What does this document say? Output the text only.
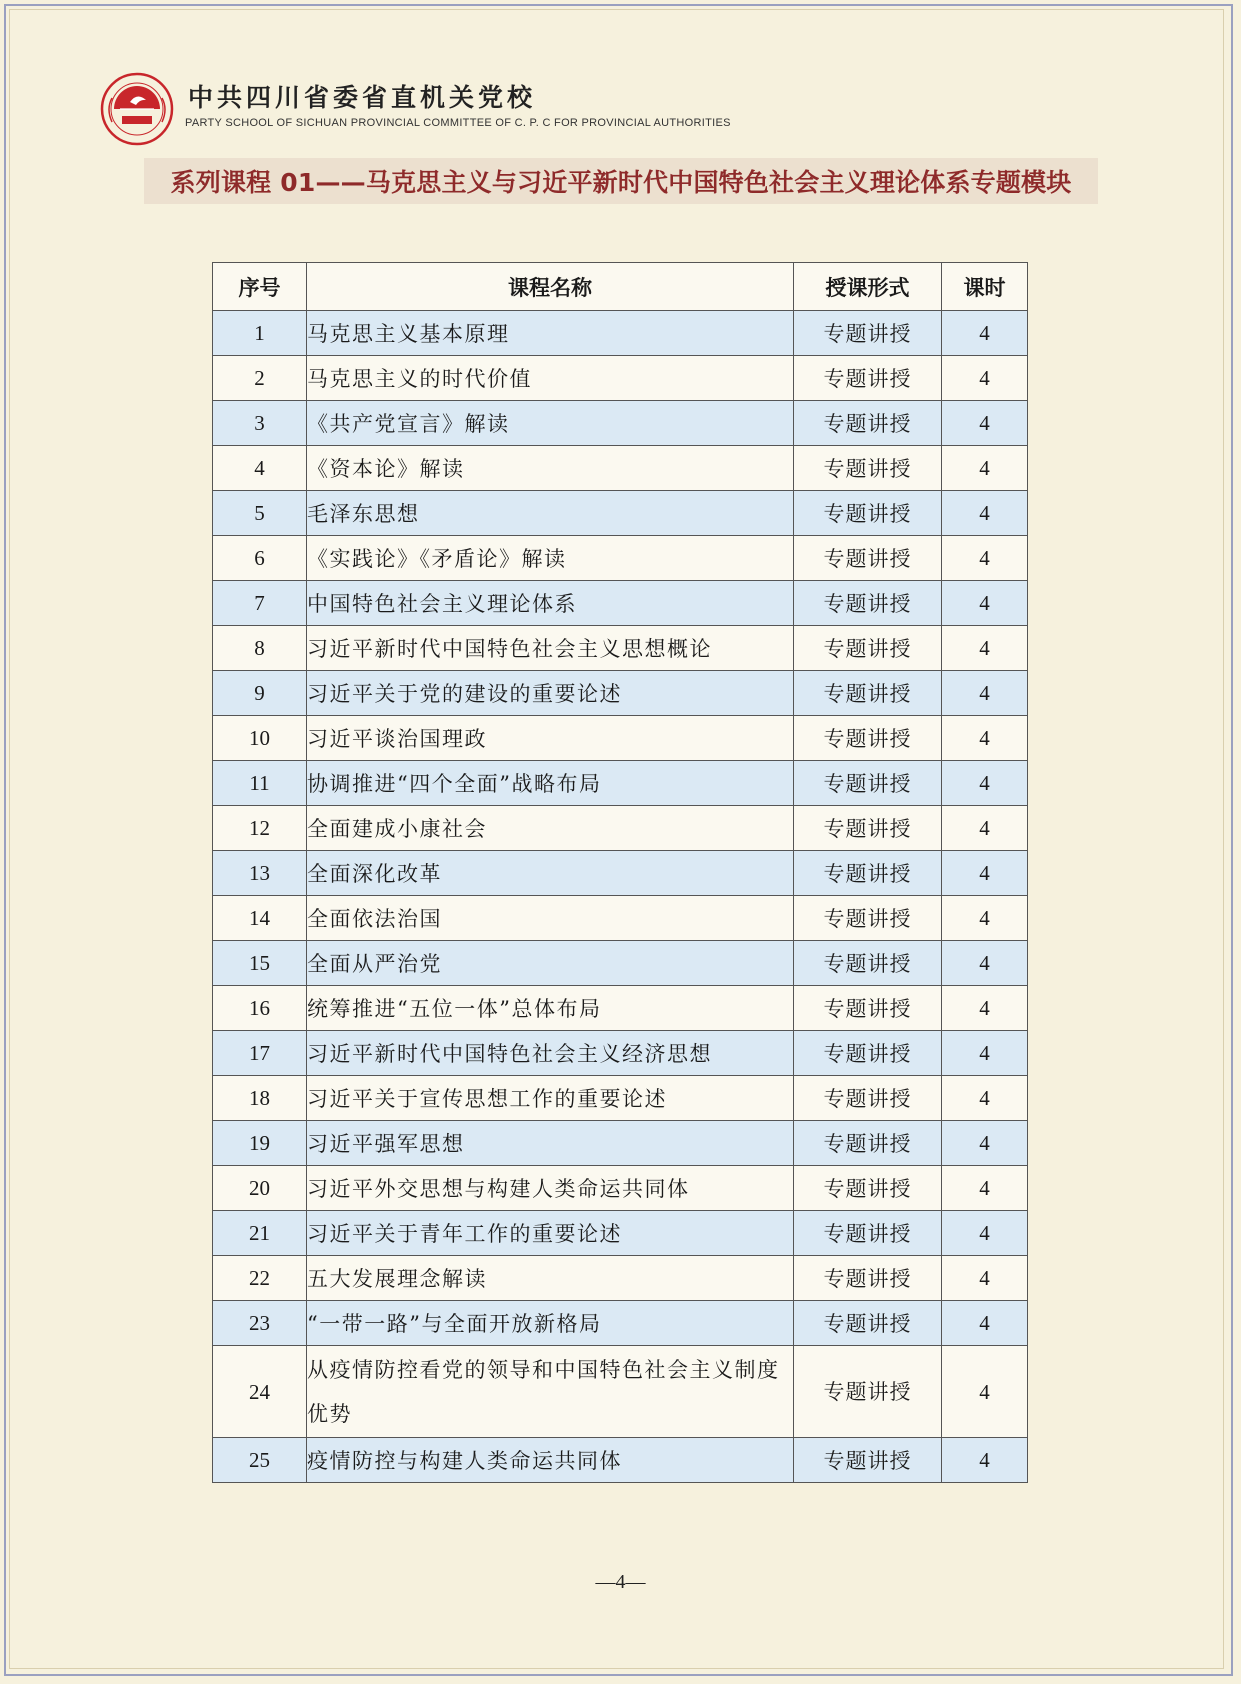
中共四川省委省直机关党校
PARTY SCHOOL OF SICHUAN PROVINCIAL COMMITTEE OF C. P. C FOR PROVINCIAL AUTHORITIES
系列课程 01——马克思主义与习近平新时代中国特色社会主义理论体系专题模块
序号	课程名称	授课形式	课时
1	马克思主义基本原理	专题讲授	4
2	马克思主义的时代价值	专题讲授	4
3	《共产党宣言》解读	专题讲授	4
4	《资本论》解读	专题讲授	4
5	毛泽东思想	专题讲授	4
6	《实践论》《矛盾论》解读	专题讲授	4
7	中国特色社会主义理论体系	专题讲授	4
8	习近平新时代中国特色社会主义思想概论	专题讲授	4
9	习近平关于党的建设的重要论述	专题讲授	4
10	习近平谈治国理政	专题讲授	4
11	协调推进“四个全面”战略布局	专题讲授	4
12	全面建成小康社会	专题讲授	4
13	全面深化改革	专题讲授	4
14	全面依法治国	专题讲授	4
15	全面从严治党	专题讲授	4
16	统筹推进“五位一体”总体布局	专题讲授	4
17	习近平新时代中国特色社会主义经济思想	专题讲授	4
18	习近平关于宣传思想工作的重要论述	专题讲授	4
19	习近平强军思想	专题讲授	4
20	习近平外交思想与构建人类命运共同体	专题讲授	4
21	习近平关于青年工作的重要论述	专题讲授	4
22	五大发展理念解读	专题讲授	4
23	“一带一路”与全面开放新格局	专题讲授	4
24	从疫情防控看党的领导和中国特色社会主义制度优势	专题讲授	4
25	疫情防控与构建人类命运共同体	专题讲授	4
—4—
